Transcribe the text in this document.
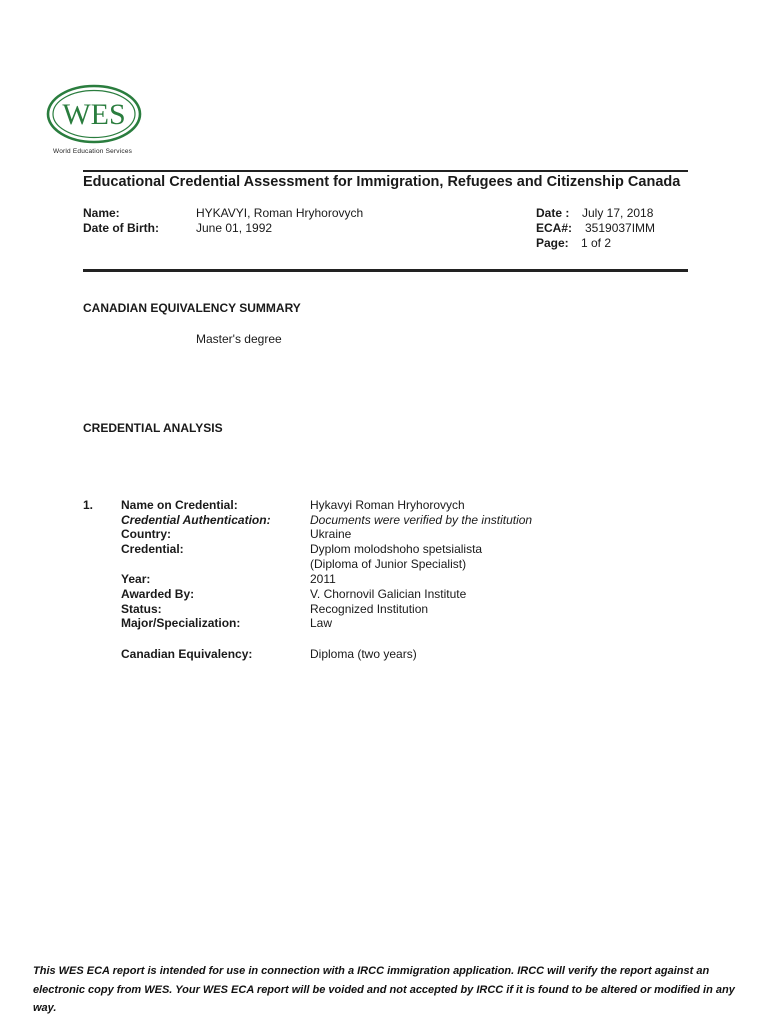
WES
World Education Services
Educational Credential Assessment for Immigration, Refugees and Citizenship Canada
Name:	HYKAVYI, Roman Hryhorovych
Date of Birth:	June 01, 1992
Date : July 17, 2018
ECA#: 3519037IMM
Page: 1 of 2
CANADIAN EQUIVALENCY SUMMARY
Master's degree
CREDENTIAL ANALYSIS
1. Name on Credential:	Hykavyi Roman Hryhorovych
Credential Authentication:	Documents were verified by the institution
Country:	Ukraine
Credential:	Dyplom molodshoho spetsialista
(Diploma of Junior Specialist)
Year:	2011
Awarded By:	V. Chornovil Galician Institute
Status:	Recognized Institution
Major/Specialization:	Law
Canadian Equivalency:	Diploma (two years)
This WES ECA report is intended for use in connection with a IRCC immigration application. IRCC will verify the report against an electronic copy from WES. Your WES ECA report will be voided and not accepted by IRCC if it is found to be altered or modified in any way.
